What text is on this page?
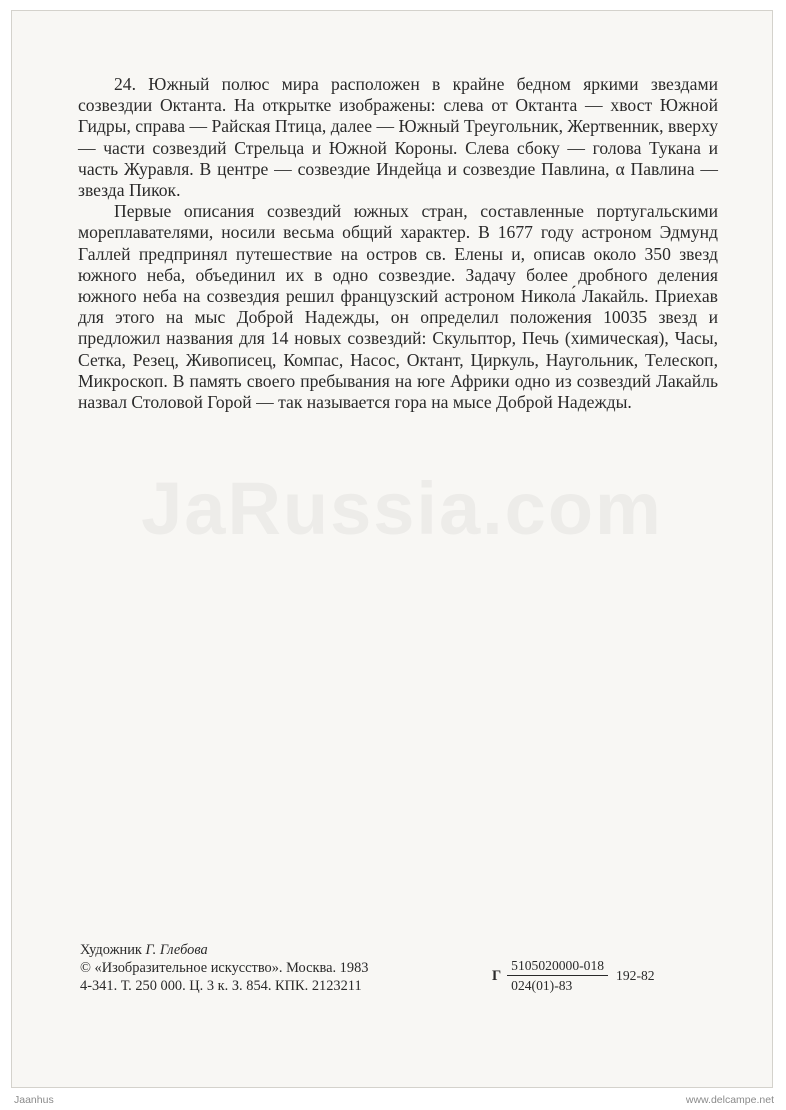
24. Южный полюс мира расположен в крайне бедном яркими звездами созвездии Октанта. На открытке изображены: слева от Октанта — хвост Южной Гидры, справа — Райская Птица, далее — Южный Треугольник, Жертвенник, вверху — части созвездий Стрельца и Южной Короны. Слева сбоку — голова Тукана и часть Журавля. В центре — созвездие Индейца и созвездие Павлина, α Павлина — звезда Пикок.

Первые описания созвездий южных стран, составленные португальскими мореплавателями, носили весьма общий характер. В 1677 году астроном Эдмунд Галлей предпринял путешествие на остров св. Елены и, описав около 350 звезд южного неба, объединил их в одно созвездие. Задачу более дробного деления южного неба на созвездия решил французский астроном Никола́ Лакайль. Приехав для этого на мыс Доброй Надежды, он определил положения 10035 звезд и предложил названия для 14 новых созвездий: Скульптор, Печь (химическая), Часы, Сетка, Резец, Живописец, Компас, Насос, Октант, Циркуль, Наугольник, Телескоп, Микроскоп. В память своего пребывания на юге Африки одно из созвездий Лакайль назвал Столовой Горой — так называется гора на мысе Доброй Надежды.

JaRussia.com
Художник Г. Глебова
© «Изобразительное искусство». Москва. 1983
4-341. Т. 250 000. Ц. 3 к. З. 854. КПК. 2123211
Г $\frac{5105020000-018}{024(01)-83} 192-82$
Jaanhus	www.delcampe.net
